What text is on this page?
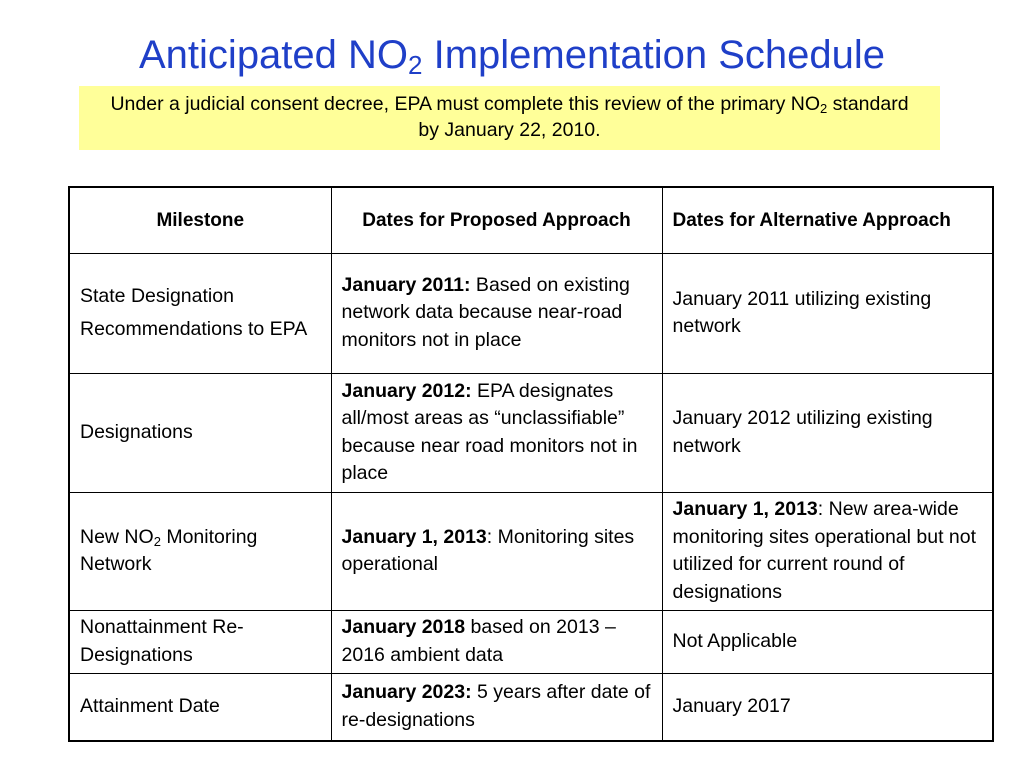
Anticipated $NO_2$ Implementation Schedule
Under a judicial consent decree, EPA must complete this review of the primary $NO_2$ standard by January 22, 2010.
Milestone	Dates for Proposed Approach	Dates for Alternative Approach

State Designation
Recommendations to EPA	January 2011: Based on existing network data because near-road monitors not in place	January 2011 utilizing existing network
Designations	January 2012: EPA designates all/most areas as “unclassifiable” because near road monitors not in place	January 2012 utilizing existing network
New $NO_2$ Monitoring Network	January 1, 2013: Monitoring sites operational	January 1, 2013: New area-wide monitoring sites operational but not utilized for current round of designations
Nonattainment Re-Designations	January 2018 based on 2013 – 2016 ambient data	Not Applicable
Attainment Date	January 2023: 5 years after date of re-designations	January 2017
